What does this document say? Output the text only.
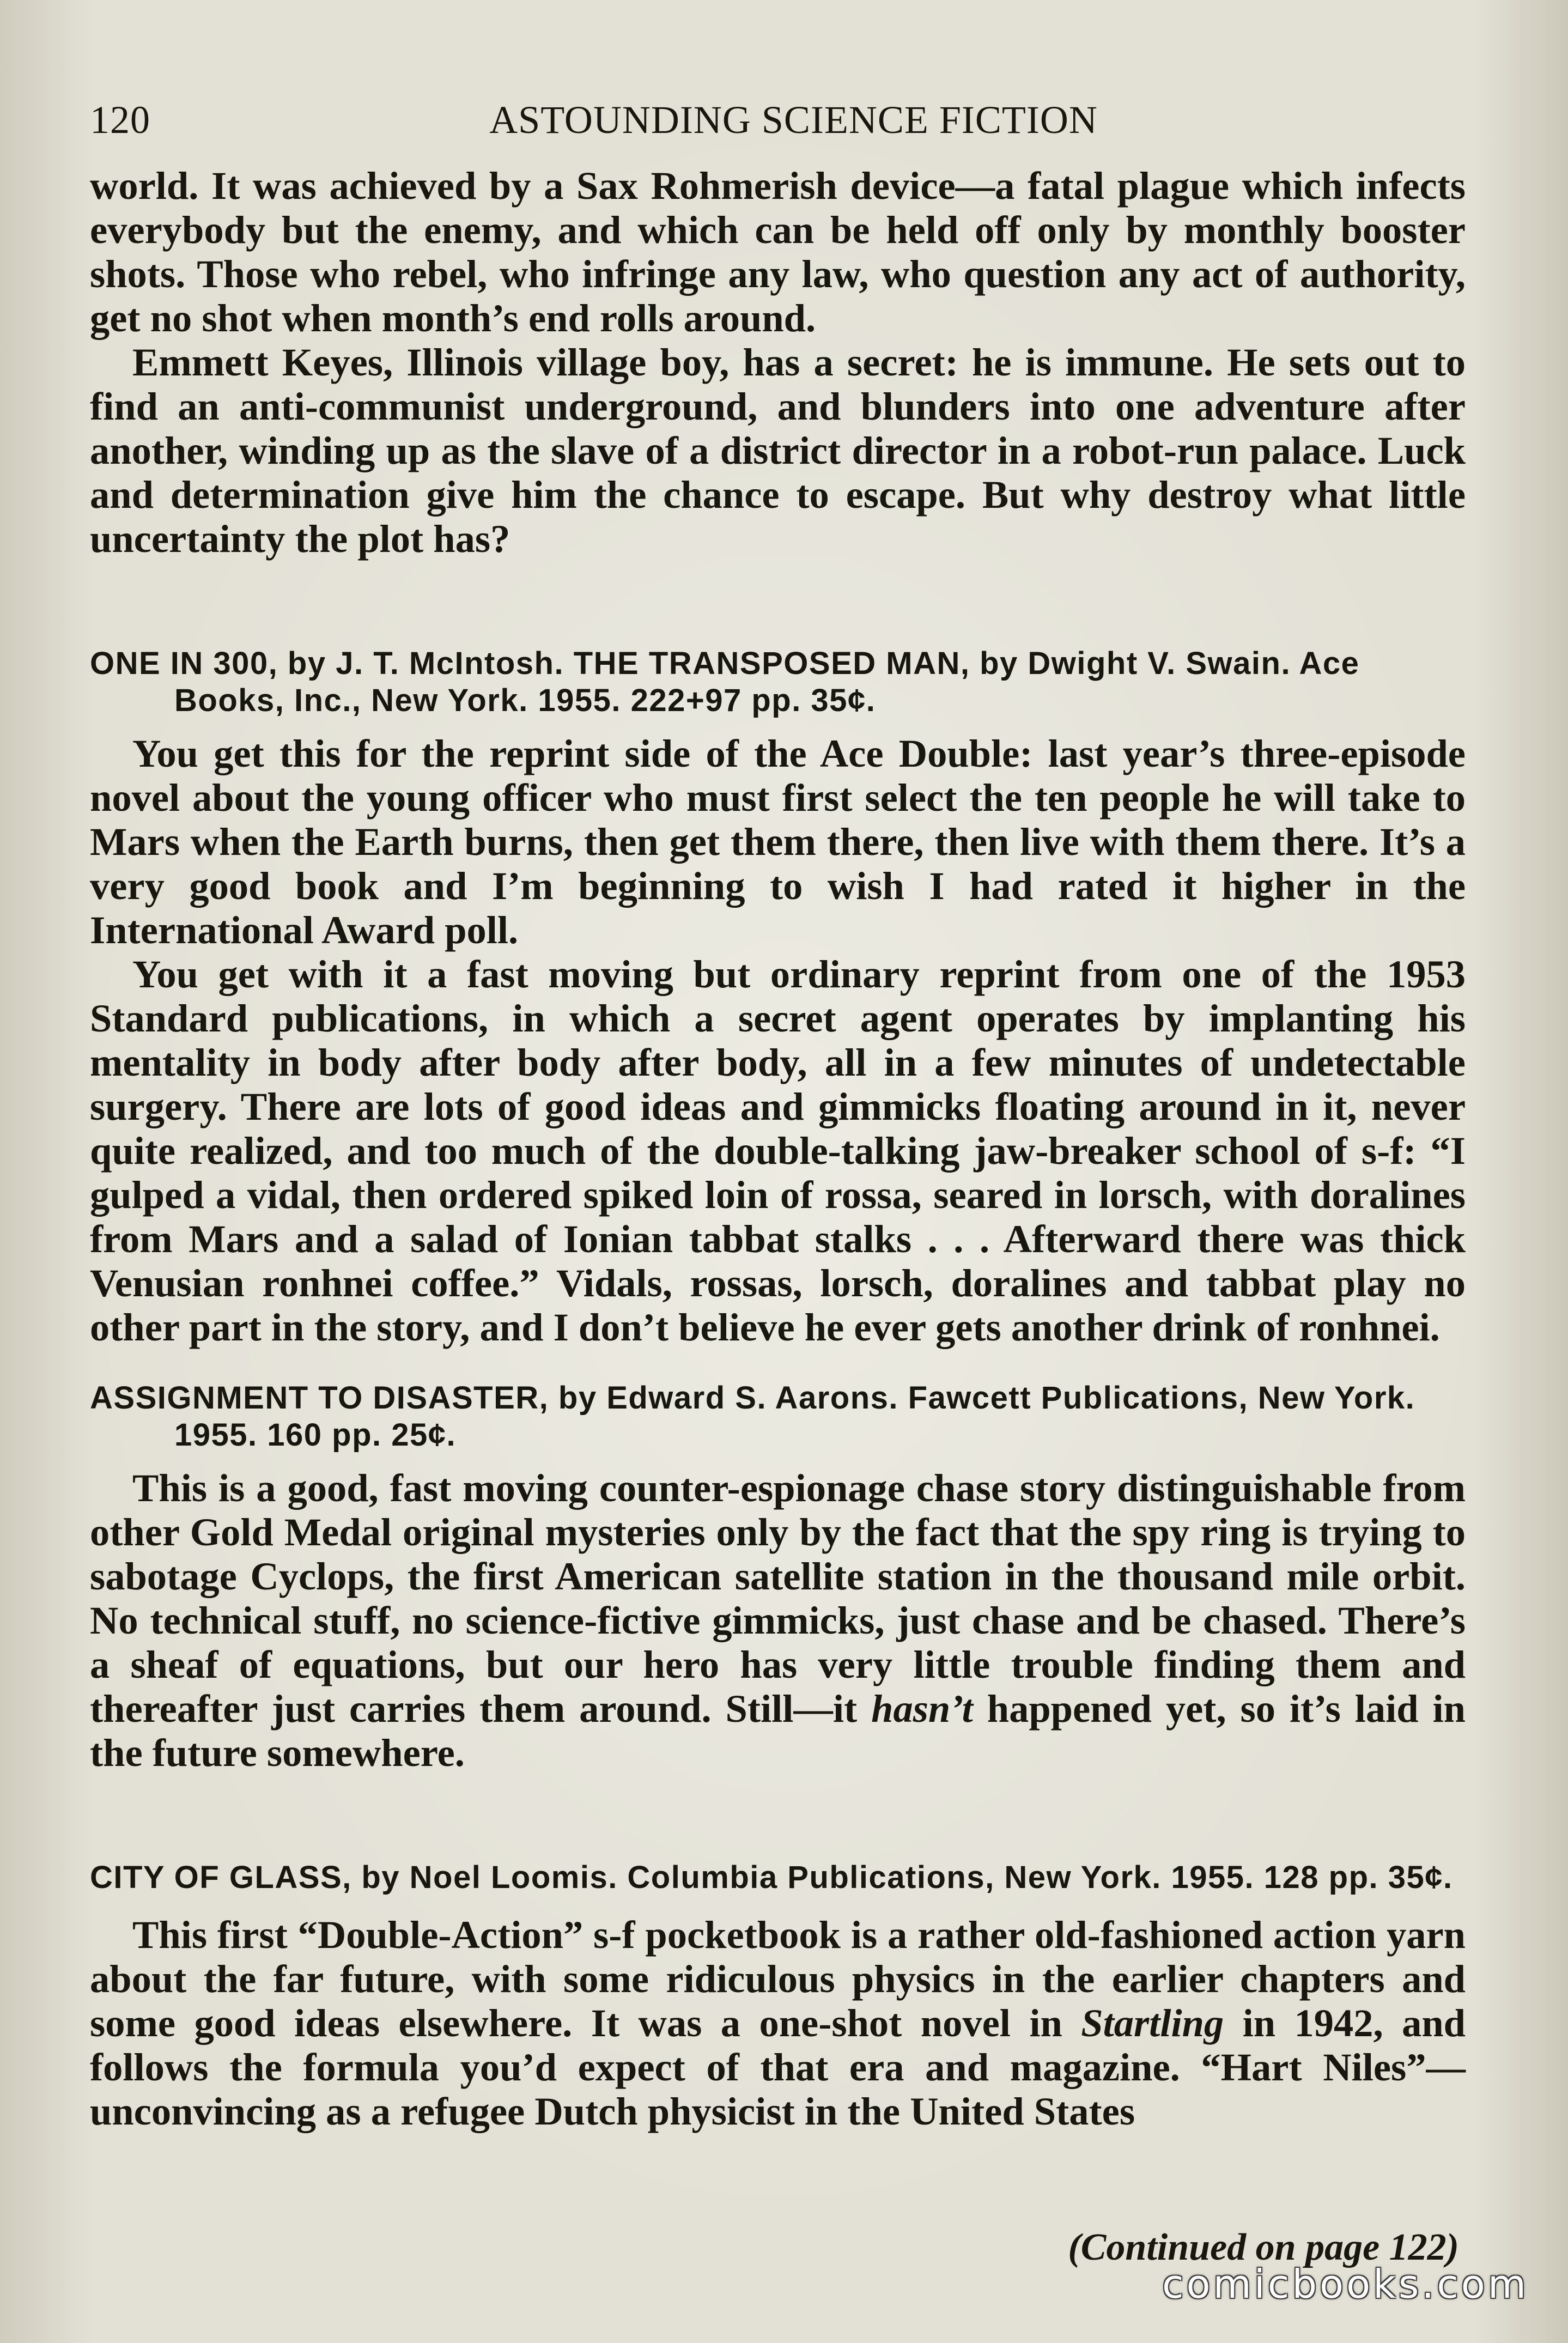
120	ASTOUNDING SCIENCE FICTION

world. It was achieved by a Sax Rohmerish device—a fatal plague which infects everybody but the enemy, and which can be held off only by monthly booster shots. Those who rebel, who infringe any law, who question any act of authority, get no shot when month’s end rolls around.

Emmett Keyes, Illinois village boy, has a secret: he is immune. He sets out to find an anti-communist underground, and blunders into one adventure after another, winding up as the slave of a district director in a robot-run palace. Luck and determination give him the chance to escape. But why destroy what little uncertainty the plot has?

ONE IN 300, by J. T. McIntosh. THE TRANSPOSED MAN, by Dwight V. Swain. Ace Books, Inc., New York. 1955. 222+97 pp. 35¢.

You get this for the reprint side of the Ace Double: last year’s three-episode novel about the young officer who must first select the ten people he will take to Mars when the Earth burns, then get them there, then live with them there. It’s a very good book and I’m beginning to wish I had rated it higher in the International Award poll.

You get with it a fast moving but ordinary reprint from one of the 1953 Standard publications, in which a secret agent operates by implanting his mentality in body after body after body, all in a few minutes of undetectable surgery. There are lots of good ideas and gimmicks floating around in it, never quite realized, and too much of the double-talking jaw-breaker school of s-f: “I gulped a vidal, then ordered spiked loin of rossa, seared in lorsch, with doralines from Mars and a salad of Ionian tabbat stalks . . . Afterward there was thick Venusian ronhnei coffee.” Vidals, rossas, lorsch, doralines and tabbat play no other part in the story, and I don’t believe he ever gets another drink of ronhnei.

ASSIGNMENT TO DISASTER, by Edward S. Aarons. Fawcett Publications, New York. 1955. 160 pp. 25¢.

This is a good, fast moving counter-espionage chase story distinguishable from other Gold Medal original mysteries only by the fact that the spy ring is trying to sabotage Cyclops, the first American satellite station in the thousand mile orbit. No technical stuff, no science-fictive gimmicks, just chase and be chased. There’s a sheaf of equations, but our hero has very little trouble finding them and thereafter just carries them around. Still—it hasn’t happened yet, so it’s laid in the future somewhere.

CITY OF GLASS, by Noel Loomis. Columbia Publications, New York. 1955. 128 pp. 35¢.

This first “Double-Action” s-f pocketbook is a rather old-fashioned action yarn about the far future, with some ridiculous physics in the earlier chapters and some good ideas elsewhere. It was a one-shot novel in Startling in 1942, and follows the formula you’d expect of that era and magazine. “Hart Niles”—unconvincing as a refugee Dutch physicist in the United States

(Continued on page 122)
comicbooks.com
